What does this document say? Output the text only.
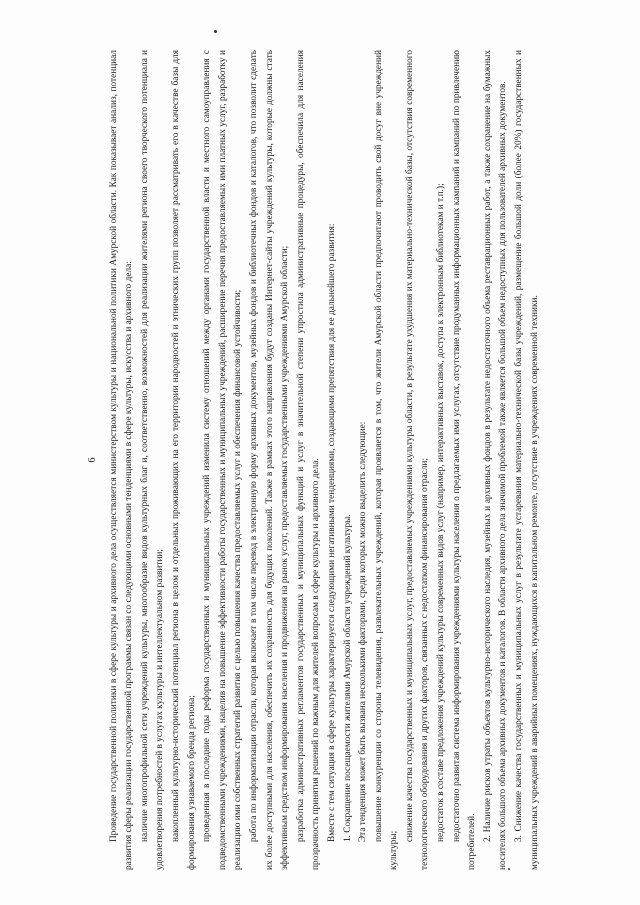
6 Проведение государственной политики в сфере культуры и архивного дела осуществляется министерством культуры и национальной политики Амурской области. Как показывает анализ, потенциал развития сферы реализации государственной программы связан со следующими основными тенденциями в сфере культуры, искусства и архивного дела: наличие многопрофильной сети учреждений культуры, многообразие видов культурных благ и, соответственно, возможностей для реализации жителями региона своего творческого потенциала и удовлетворения потребностей в услугах культуры и интеллектуальном развитии; накопленный культурно-исторический потенциал региона в целом и отдельных проживающих на его территории народностей и этнических групп позволяет рассматривать его в качестве базы для формирования узнаваемого бренда региона; проведенная в последние годы реформа государственных и муниципальных учреждений изменила систему отношений между органами государственной власти и местного самоуправления с подведомственными учреждениями, нацелив на повышение эффективности работы государственных и муниципальных учреждений, расширение перечня предоставляемых ими платных услуг, разработку и реализацию ими собственных стратегий развития с целью повышения качества предоставляемых услуг и обеспечения финансовой устойчивости; работа по информатизации отрасли, которая включает в том числе перевод в электронную форму архивных документов, музейных фондов и библиотечных фондов и каталогов, что позволит сделать их более доступными для населения, обеспечить их сохранность для будущих поколений. Также в рамках этого направления будут созданы Интернет-сайты учреждений культуры, которые должны стать эффективным средством информирования населения и продвижения на рынок услуг, предоставляемых государственными учреждениями Амурской области; разработка административных регламентов государственных и муниципальных функций и услуг в значительной степени упростила административные процедуры, обеспечила для населения прозрачность принятия решений по важным для жителей вопросам в сфере культуры и архивного дела. Вместе с тем ситуация в сфере культуры характеризуется следующими негативными тенденциями, создающими препятствия для ее дальнейшего развития: 1. Сокращение посещаемости жителями Амурской области учреждений культуры. Эта тенденция может быть вызвана несколькими факторами, среди которых можно выделить следующие: повышение конкуренции со стороны телевидения, развлекательных учреждений, которая проявляется в том, что жители Амурской области предпочитают проводить свой досуг вне учреждений культуры;

снижение качества государственных и муниципальных услуг, предоставляемых учреждениями культуры области, в результате ухудшения их материально-технической базы, отсутствия современного технологического оборудования и других факторов, связанных с недостатком финансирования отрасли; недостаток в составе предложения учреждений культуры современных видов услуг (например, интерактивных выставок, доступа к электронным библиотекам и т.п.); недостаточно развитая система информирования учреждениями культуры населения о предлагаемых ими услугах, отсутствие продуманных информационных кампаний и кампаний по привлечению потребителей. 2. Наличие рисков утраты объектов культурно-исторического наследия, музейных и архивных фондов в результате недостаточного объема реставрационных работ, а также сохранение на бумажных носителях большого объема архивных документов и каталогов. В области архивного дела значимой проблемой также является большой объем недоступных для пользователей архивных документов. 3. Снижение качества государственных и муниципальных услуг в результате устаревания материально-технической базы учреждений, размещение большой доли (более 20%) государственных и муниципальных учреждений в аварийных помещениях, нуждающихся в капитальном ремонте, отсутствие в учреждениях современной техники.
